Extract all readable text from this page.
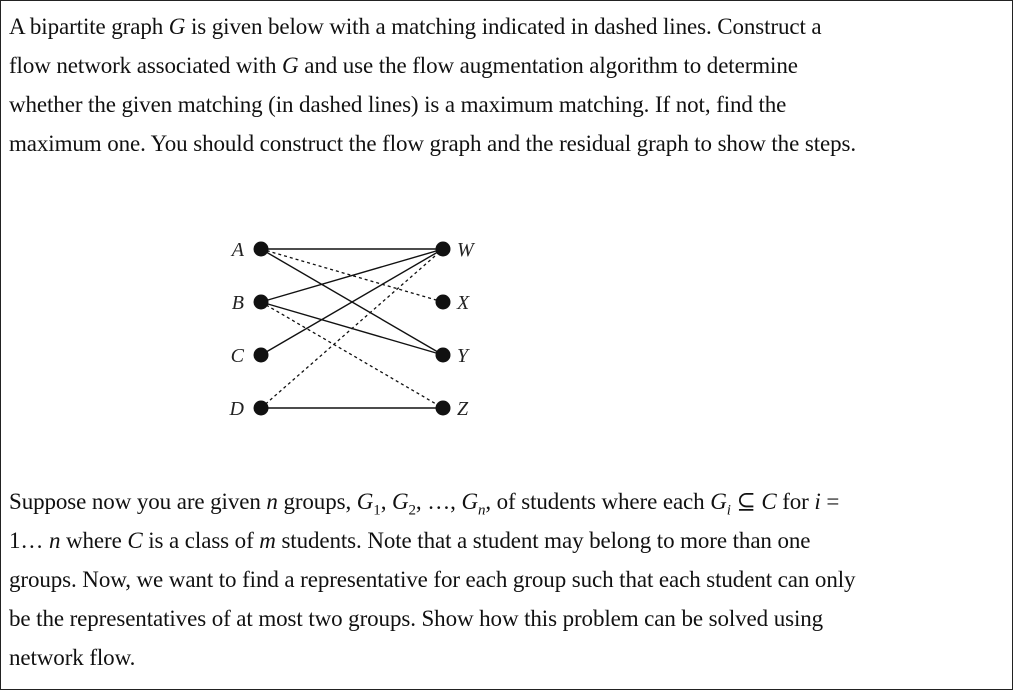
A bipartite graph G is given below with a matching indicated in dashed lines. Construct a
flow network associated with G and use the flow augmentation algorithm to determine
whether the given matching (in dashed lines) is a maximum matching. If not, find the
maximum one. You should construct the flow graph and the residual graph to show the steps.
A
B
C
D
W
X
Y
Z
Suppose now you are given n groups, $G_1$, $G_2$, …, $G_n$, of students where each $G_i$ ⊆ C for i =
1… n where C is a class of m students. Note that a student may belong to more than one
groups. Now, we want to find a representative for each group such that each student can only
be the representatives of at most two groups. Show how this problem can be solved using
network flow.
